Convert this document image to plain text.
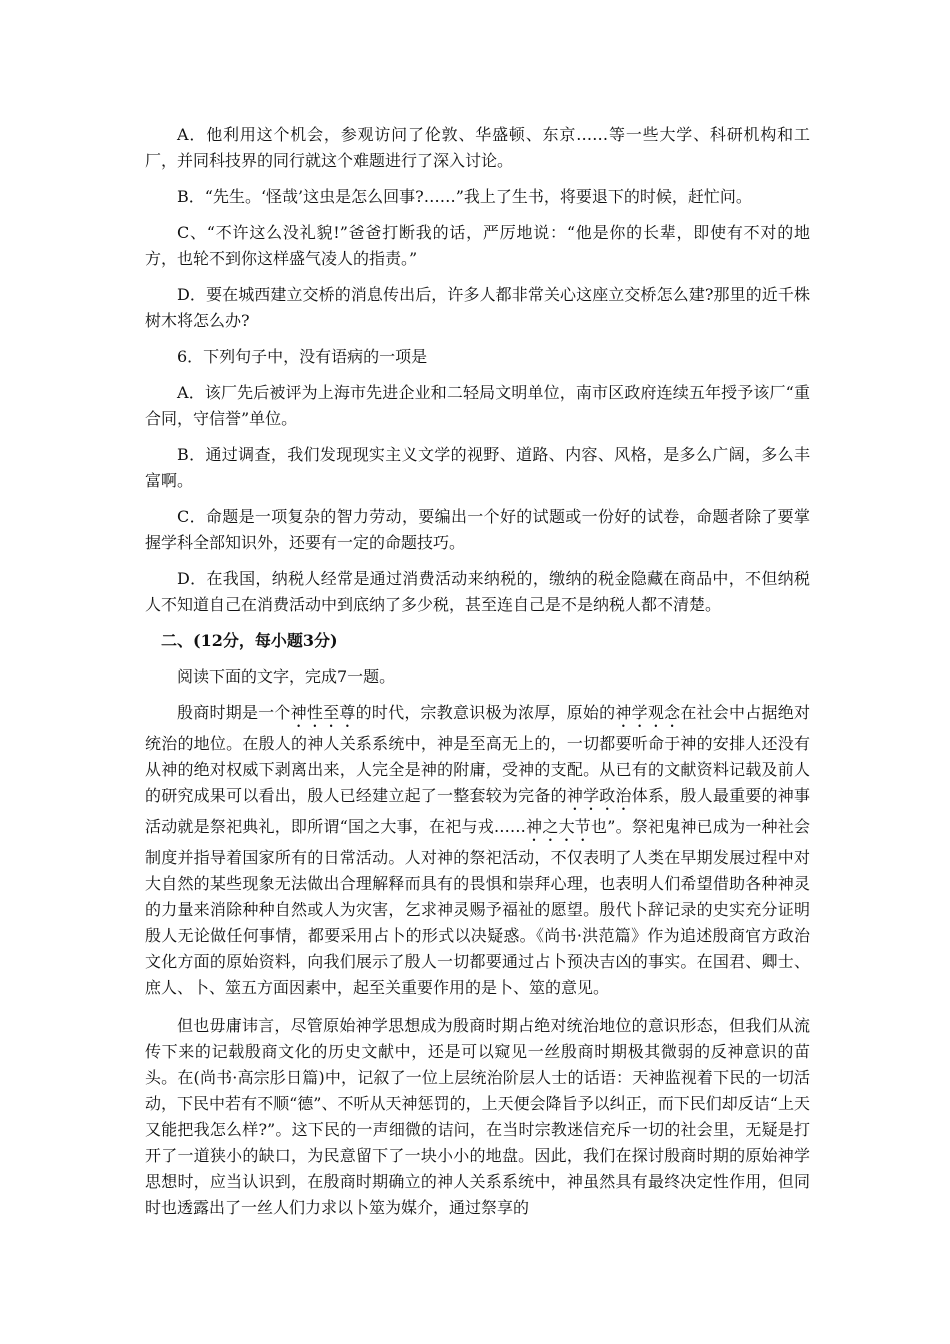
A．他利用这个机会，参观访问了伦敦、华盛顿、东京……等一些大学、科研机构和工厂，并同科技界的同行就这个难题进行了深入讨论。

B．“先生。‘怪哉’这虫是怎么回事?……”我上了生书，将要退下的时候，赶忙问。

C、“不许这么没礼貌!”爸爸打断我的话，严厉地说：“他是你的长辈，即使有不对的地方，也轮不到你这样盛气凌人的指责。”

D．要在城西建立交桥的消息传出后，许多人都非常关心这座立交桥怎么建?那里的近千株树木将怎么办?

6．下列句子中，没有语病的一项是

A．该厂先后被评为上海市先进企业和二轻局文明单位，南市区政府连续五年授予该厂“重合同，守信誉”单位。

B．通过调查，我们发现现实主义文学的视野、道路、内容、风格，是多么广阔，多么丰富啊。

C．命题是一项复杂的智力劳动，要编出一个好的试题或一份好的试卷，命题者除了要掌握学科全部知识外，还要有一定的命题技巧。

D．在我国，纳税人经常是通过消费活动来纳税的，缴纳的税金隐藏在商品中，不但纳税人不知道自己在消费活动中到底纳了多少税，甚至连自己是不是纳税人都不清楚。

二、(12分，每小题3分)

阅读下面的文字，完成7一题。

殷商时期是一个神性至尊的时代，宗教意识极为浓厚，原始的神学观念在社会中占据绝对统治的地位。在殷人的神人关系系统中，神是至高无上的，一切都要听命于神的安排人还没有从神的绝对权威下剥离出来，人完全是神的附庸，受神的支配。从已有的文献资料记载及前人的研究成果可以看出，殷人已经建立起了一整套较为完备的神学政治体系，殷人最重要的神事活动就是祭祀典礼，即所谓“国之大事，在祀与戎……神之大节也”。祭祀鬼神已成为一种社会制度并指导着国家所有的日常活动。人对神的祭祀活动，不仅表明了人类在早期发展过程中对大自然的某些现象无法做出合理解释而具有的畏惧和崇拜心理，也表明人们希望借助各种神灵的力量来消除种种自然或人为灾害，乞求神灵赐予福祉的愿望。殷代卜辞记录的史实充分证明殷人无论做任何事情，都要采用占卜的形式以决疑惑。《尚书·洪范篇》作为追述殷商官方政治文化方面的原始资料，向我们展示了殷人一切都要通过占卜预决吉凶的事实。在国君、卿士、庶人、卜、筮五方面因素中，起至关重要作用的是卜、筮的意见。

但也毋庸讳言，尽管原始神学思想成为殷商时期占绝对统治地位的意识形态，但我们从流传下来的记载殷商文化的历史文献中，还是可以窥见一丝殷商时期极其微弱的反神意识的苗头。在(尚书·高宗肜日篇)中，记叙了一位上层统治阶层人士的话语：天神监视着下民的一切活动，下民中若有不顺“德”、不听从天神惩罚的，上天便会降旨予以纠正，而下民们却反诘“上天又能把我怎么样?”。这下民的一声细微的诘问，在当时宗教迷信充斥一切的社会里，无疑是打开了一道狭小的缺口，为民意留下了一块小小的地盘。因此，我们在探讨殷商时期的原始神学思想时，应当认识到，在殷商时期确立的神人关系系统中，神虽然具有最终决定性作用，但同时也透露出了一丝人们力求以卜筮为媒介，通过祭享的
